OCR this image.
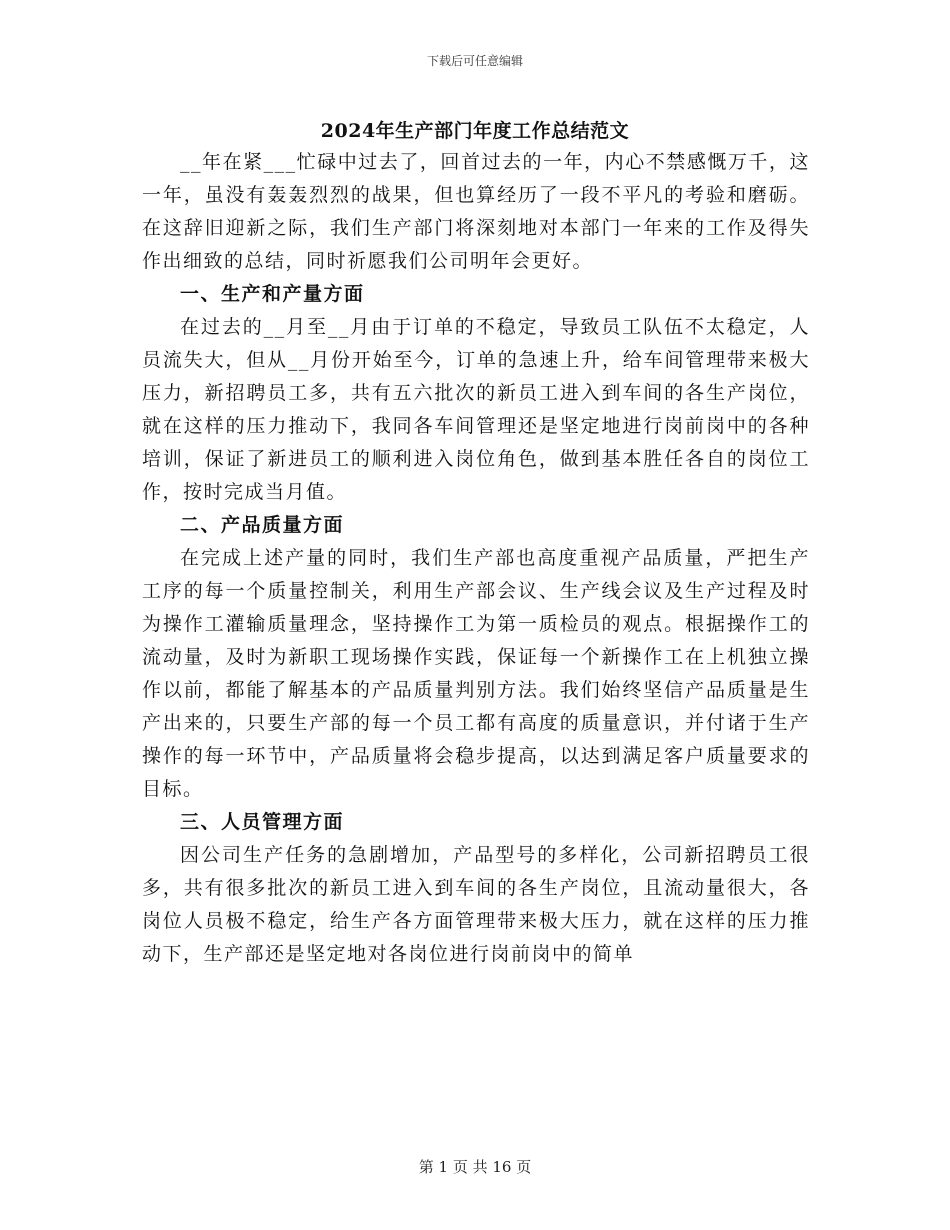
下载后可任意编辑
2024年生产部门年度工作总结范文

__年在紧___忙碌中过去了，回首过去的一年，内心不禁感慨万千，这一年，虽没有轰轰烈烈的战果，但也算经历了一段不平凡的考验和磨砺。在这辞旧迎新之际，我们生产部门将深刻地对本部门一年来的工作及得失作出细致的总结，同时祈愿我们公司明年会更好。

一、生产和产量方面

在过去的__月至__月由于订单的不稳定，导致员工队伍不太稳定，人员流失大，但从__月份开始至今，订单的急速上升，给车间管理带来极大压力，新招聘员工多，共有五六批次的新员工进入到车间的各生产岗位，就在这样的压力推动下，我同各车间管理还是坚定地进行岗前岗中的各种培训，保证了新进员工的顺利进入岗位角色，做到基本胜任各自的岗位工作，按时完成当月值。

二、产品质量方面

在完成上述产量的同时，我们生产部也高度重视产品质量，严把生产工序的每一个质量控制关，利用生产部会议、生产线会议及生产过程及时为操作工灌输质量理念，坚持操作工为第一质检员的观点。根据操作工的流动量，及时为新职工现场操作实践，保证每一个新操作工在上机独立操作以前，都能了解基本的产品质量判别方法。我们始终坚信产品质量是生产出来的，只要生产部的每一个员工都有高度的质量意识，并付诸于生产操作的每一环节中，产品质量将会稳步提高，以达到满足客户质量要求的目标。

三、人员管理方面

因公司生产任务的急剧增加，产品型号的多样化，公司新招聘员工很多，共有很多批次的新员工进入到车间的各生产岗位，且流动量很大，各岗位人员极不稳定，给生产各方面管理带来极大压力，就在这样的压力推动下，生产部还是坚定地对各岗位进行岗前岗中的简单

第 1 页 共 16 页
